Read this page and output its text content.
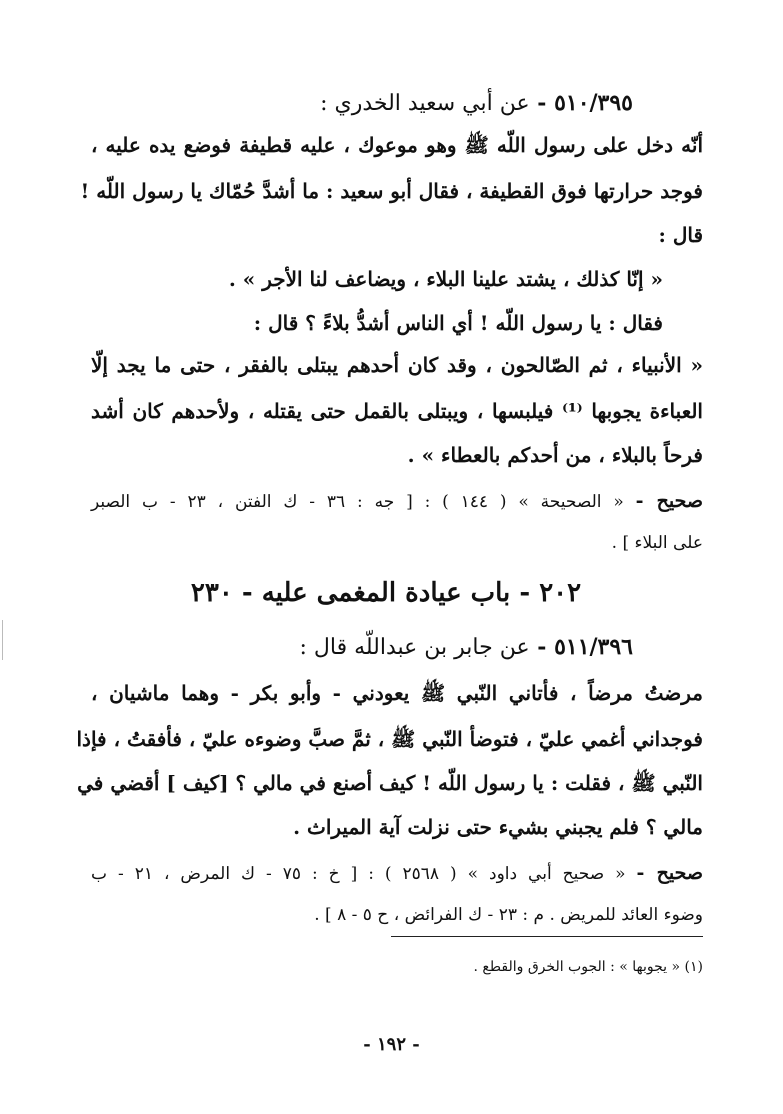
٥١٠/٣٩٥ - عن أبي سعيد الخدري :
أنّه دخل على رسول اللّه ﷺ وهو موعوك ، عليه قطيفة فوضع يده عليه ،
فوجد حرارتها فوق القطيفة ، فقال أبو سعيد : ما أشدَّ حُمّاك يا رسول اللّه !
قال :
« إنّا كذلك ، يشتد علينا البلاء ، ويضاعف لنا الأجر » .
فقال : يا رسول اللّه ! أي الناس أشدُّ بلاءً ؟ قال :
« الأنبياء ، ثم الصّالحون ، وقد كان أحدهم يبتلى بالفقر ، حتى ما يجد إلّا
العباءة يجوبها ⁽¹⁾ فيلبسها ، ويبتلى بالقمل حتى يقتله ، ولأحدهم كان أشد
فرحاً بالبلاء ، من أحدكم بالعطاء » .
صحيح - « الصحيحة » ( ١٤٤ ) : [ جه : ٣٦ - ك الفتن ، ٢٣ - ب الصبر
على البلاء ] .
٢٠٢ - باب عيادة المغمى عليه - ٢٣٠
٥١١/٣٩٦ - عن جابر بن عبداللّه قال :
مرضتُ مرضاً ، فأتاني النّبي ﷺ يعودني - وأبو بكر - وهما ماشيان ،
فوجداني أغمي عليّ ، فتوضأ النّبي ﷺ ، ثمَّ صبَّ وضوءه عليّ ، فأفقتُ ، فإذا
النّبي ﷺ ، فقلت : يا رسول اللّه ! كيف أصنع في مالي ؟ [كيف ] أقضي في
مالي ؟ فلم يجبني بشيء حتى نزلت آية الميراث .
صحيح - « صحيح أبي داود » ( ٢٥٦٨ ) : [ خ : ٧٥ - ك المرض ، ٢١ - ب
وضوء العائد للمريض . م : ٢٣ - ك الفرائض ، ح ٥ - ٨ ] .
(١) « يجوبها » : الجوب الخرق والقطع .
- ١٩٢ -
